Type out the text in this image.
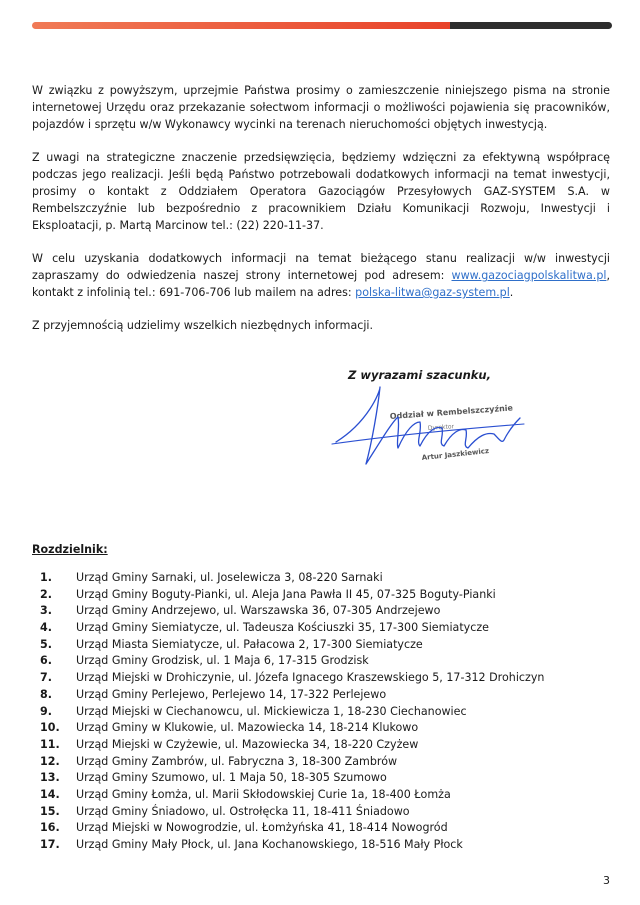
W związku z powyższym, uprzejmie Państwa prosimy o zamieszczenie niniejszego pisma na stronie internetowej Urzędu oraz przekazanie sołectwom informacji o możliwości pojawienia się pracowników, pojazdów i sprzętu w/w Wykonawcy wycinki na terenach nieruchomości objętych inwestycją.

Z uwagi na strategiczne znaczenie przedsięwzięcia, będziemy wdzięczni za efektywną współpracę podczas jego realizacji. Jeśli będą Państwo potrzebowali dodatkowych informacji na temat inwestycji, prosimy o kontakt z Oddziałem Operatora Gazociągów Przesyłowych GAZ-SYSTEM S.A. w Rembelszczyźnie lub bezpośrednio z pracownikiem Działu Komunikacji Rozwoju, Inwestycji i Eksploatacji, p. Martą Marcinow tel.: (22) 220-11-37.

W celu uzyskania dodatkowych informacji na temat bieżącego stanu realizacji w/w inwestycji zapraszamy do odwiedzenia naszej strony internetowej pod adresem: www.gazociagpolskalitwa.pl, kontakt z infolinią tel.: 691-706-706 lub mailem na adres: polska-litwa@gaz-system.pl.

Z przyjemnością udzielimy wszelkich niezbędnych informacji.

Z wyrazami szacunku,
Oddział w Rembelszczyźnie
Dyrektor
Artur Jaszkiewicz
Rozdzielnik:
1.	Urząd Gminy Sarnaki, ul. Joselewicza 3, 08-220 Sarnaki
2.	Urząd Gminy Boguty-Pianki, ul. Aleja Jana Pawła II 45, 07-325 Boguty-Pianki
3.	Urząd Gminy Andrzejewo, ul. Warszawska 36, 07-305 Andrzejewo
4.	Urząd Gminy Siemiatycze, ul. Tadeusza Kościuszki 35, 17-300 Siemiatycze
5.	Urząd Miasta Siemiatycze, ul. Pałacowa 2, 17-300 Siemiatycze
6.	Urząd Gminy Grodzisk, ul. 1 Maja 6, 17-315 Grodzisk
7.	Urząd Miejski w Drohiczynie, ul. Józefa Ignacego Kraszewskiego 5, 17-312 Drohiczyn
8.	Urząd Gminy Perlejewo, Perlejewo 14, 17-322 Perlejewo
9.	Urząd Miejski w Ciechanowcu, ul. Mickiewicza 1, 18-230 Ciechanowiec
10.	Urząd Gminy w Klukowie, ul. Mazowiecka 14, 18-214 Klukowo
11.	Urząd Miejski w Czyżewie, ul. Mazowiecka 34, 18-220 Czyżew
12.	Urząd Gminy Zambrów, ul. Fabryczna 3, 18-300 Zambrów
13.	Urząd Gminy Szumowo, ul. 1 Maja 50, 18-305 Szumowo
14.	Urząd Gminy Łomża, ul. Marii Skłodowskiej Curie 1a, 18-400 Łomża
15.	Urząd Gminy Śniadowo, ul. Ostrołęcka 11, 18-411 Śniadowo
16.	Urząd Miejski w Nowogrodzie, ul. Łomżyńska 41, 18-414 Nowogród
17.	Urząd Gminy Mały Płock, ul. Jana Kochanowskiego, 18-516 Mały Płock
3
